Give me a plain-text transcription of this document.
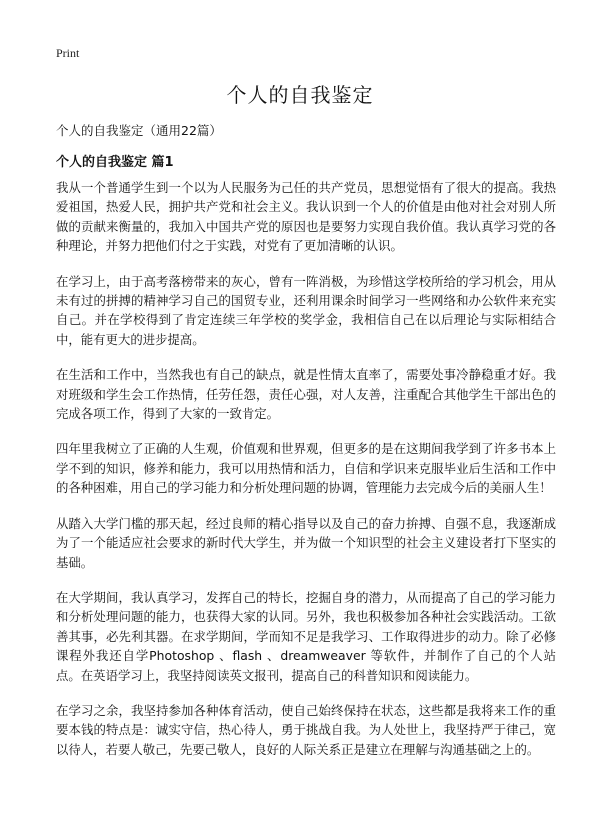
Print
个人的自我鉴定

个人的自我鉴定（通用22篇）

个人的自我鉴定 篇1

我从一个普通学生到一个以为人民服务为己任的共产党员，思想觉悟有了很大的提高。我热爱祖国，热爱人民，拥护共产党和社会主义。我认识到一个人的价值是由他对社会对别人所做的贡献来衡量的，我加入中国共产党的原因也是要努力实现自我价值。我认真学习党的各种理论，并努力把他们付之于实践，对党有了更加清晰的认识。

在学习上，由于高考落榜带来的灰心，曾有一阵消极，为珍惜这学校所给的学习机会，用从未有过的拼搏的精神学习自己的国贸专业，还利用课余时间学习一些网络和办公软件来充实自己。并在学校得到了肯定连续三年学校的奖学金，我相信自己在以后理论与实际相结合中，能有更大的进步提高。

在生活和工作中，当然我也有自己的缺点，就是性情太直率了，需要处事冷静稳重才好。我对班级和学生会工作热情，任劳任怨，责任心强，对人友善，注重配合其他学生干部出色的完成各项工作，得到了大家的一致肯定。

四年里我树立了正确的人生观，价值观和世界观，但更多的是在这期间我学到了许多书本上学不到的知识，修养和能力，我可以用热情和活力，自信和学识来克服毕业后生活和工作中的各种困难，用自己的学习能力和分析处理问题的协调，管理能力去完成今后的美丽人生！

从踏入大学门槛的那天起，经过良师的精心指导以及自己的奋力拚搏、自强不息，我逐渐成为了一个能适应社会要求的新时代大学生，并为做一个知识型的社会主义建设者打下坚实的基础。

在大学期间，我认真学习，发挥自己的特长，挖掘自身的潜力，从而提高了自己的学习能力和分析处理问题的能力，也获得大家的认同。另外，我也积极参加各种社会实践活动。工欲善其事，必先利其器。在求学期间，学而知不足是我学习、工作取得进步的动力。除了必修课程外我还自学Photoshop 、flash 、dreamweaver 等软件，并制作了自己的个人站点。在英语学习上，我坚持阅读英文报刊，提高自己的科普知识和阅读能力。

在学习之余，我坚持参加各种体育活动，使自己始终保持在状态，这些都是我将来工作的重要本钱的特点是：诚实守信，热心待人，勇于挑战自我。为人处世上，我坚持严于律己，宽以待人，若要人敬己，先要己敬人，良好的人际关系正是建立在理解与沟通基础之上的。
